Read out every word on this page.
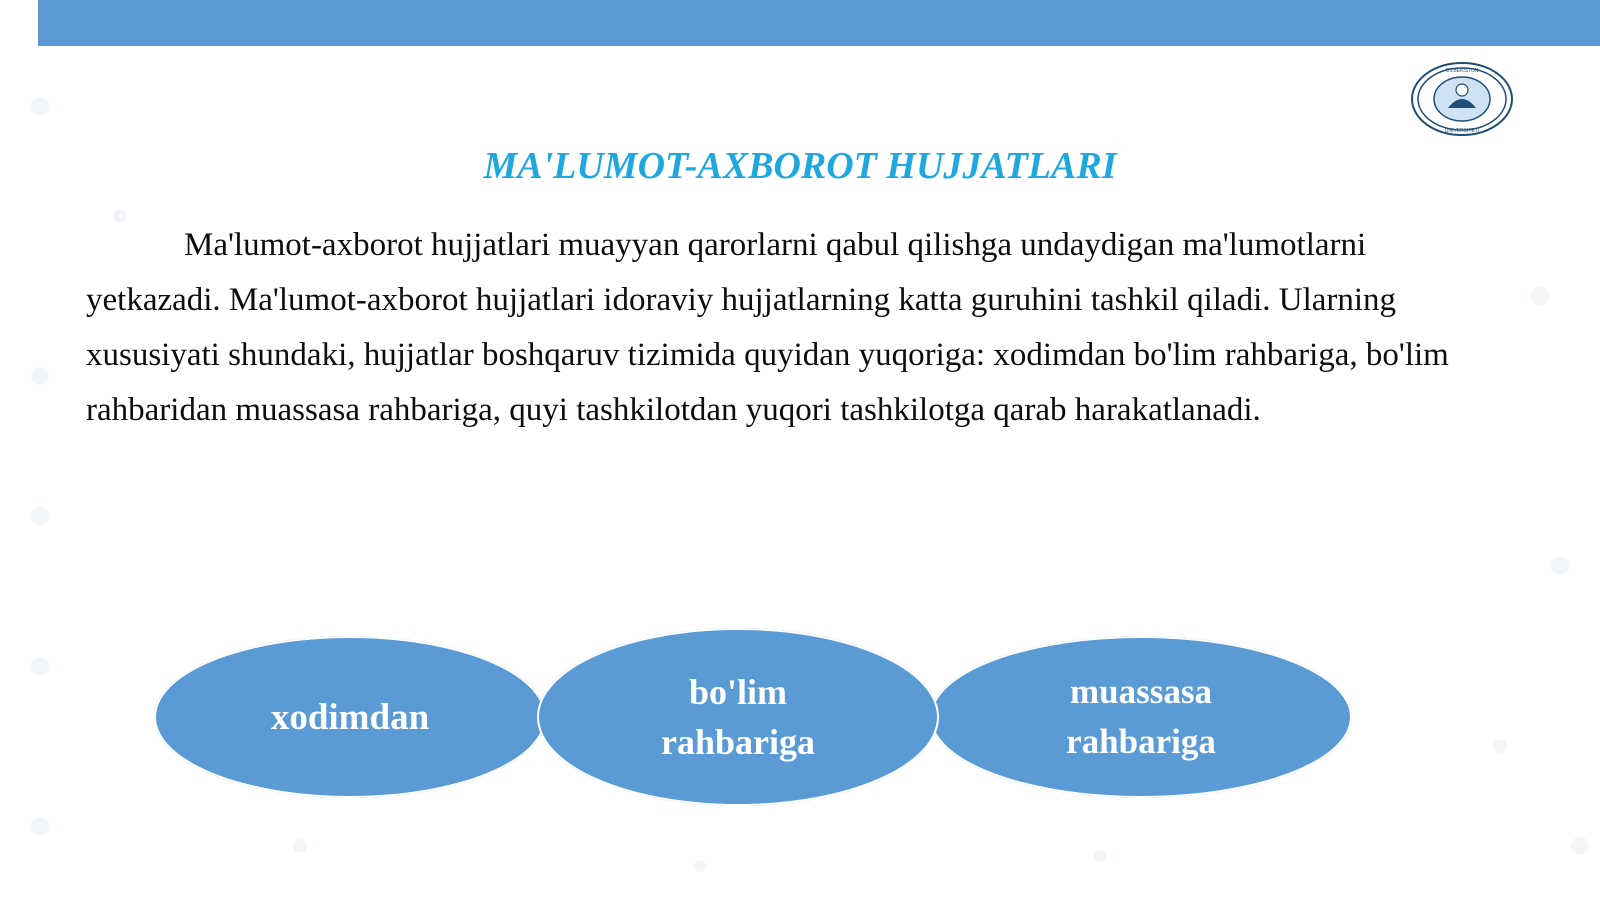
O'ZBEKISTON
UNIVERSITETI
MA'LUMOT-AXBOROT HUJJATLARI
Ma'lumot-axborot hujjatlari muayyan qarorlarni qabul qilishga undaydigan ma'lumotlarni yetkazadi. Ma'lumot-axborot hujjatlari idoraviy hujjatlarning katta guruhini tashkil qiladi. Ularning xususiyati shundaki, hujjatlar boshqaruv tizimida quyidan yuqoriga: xodimdan bo'lim rahbariga, bo'lim rahbaridan muassasa rahbariga, quyi tashkilotdan yuqori tashkilotga qarab harakatlanadi.
xodimdan
bo'lim
rahbariga
muassasa
rahbariga
